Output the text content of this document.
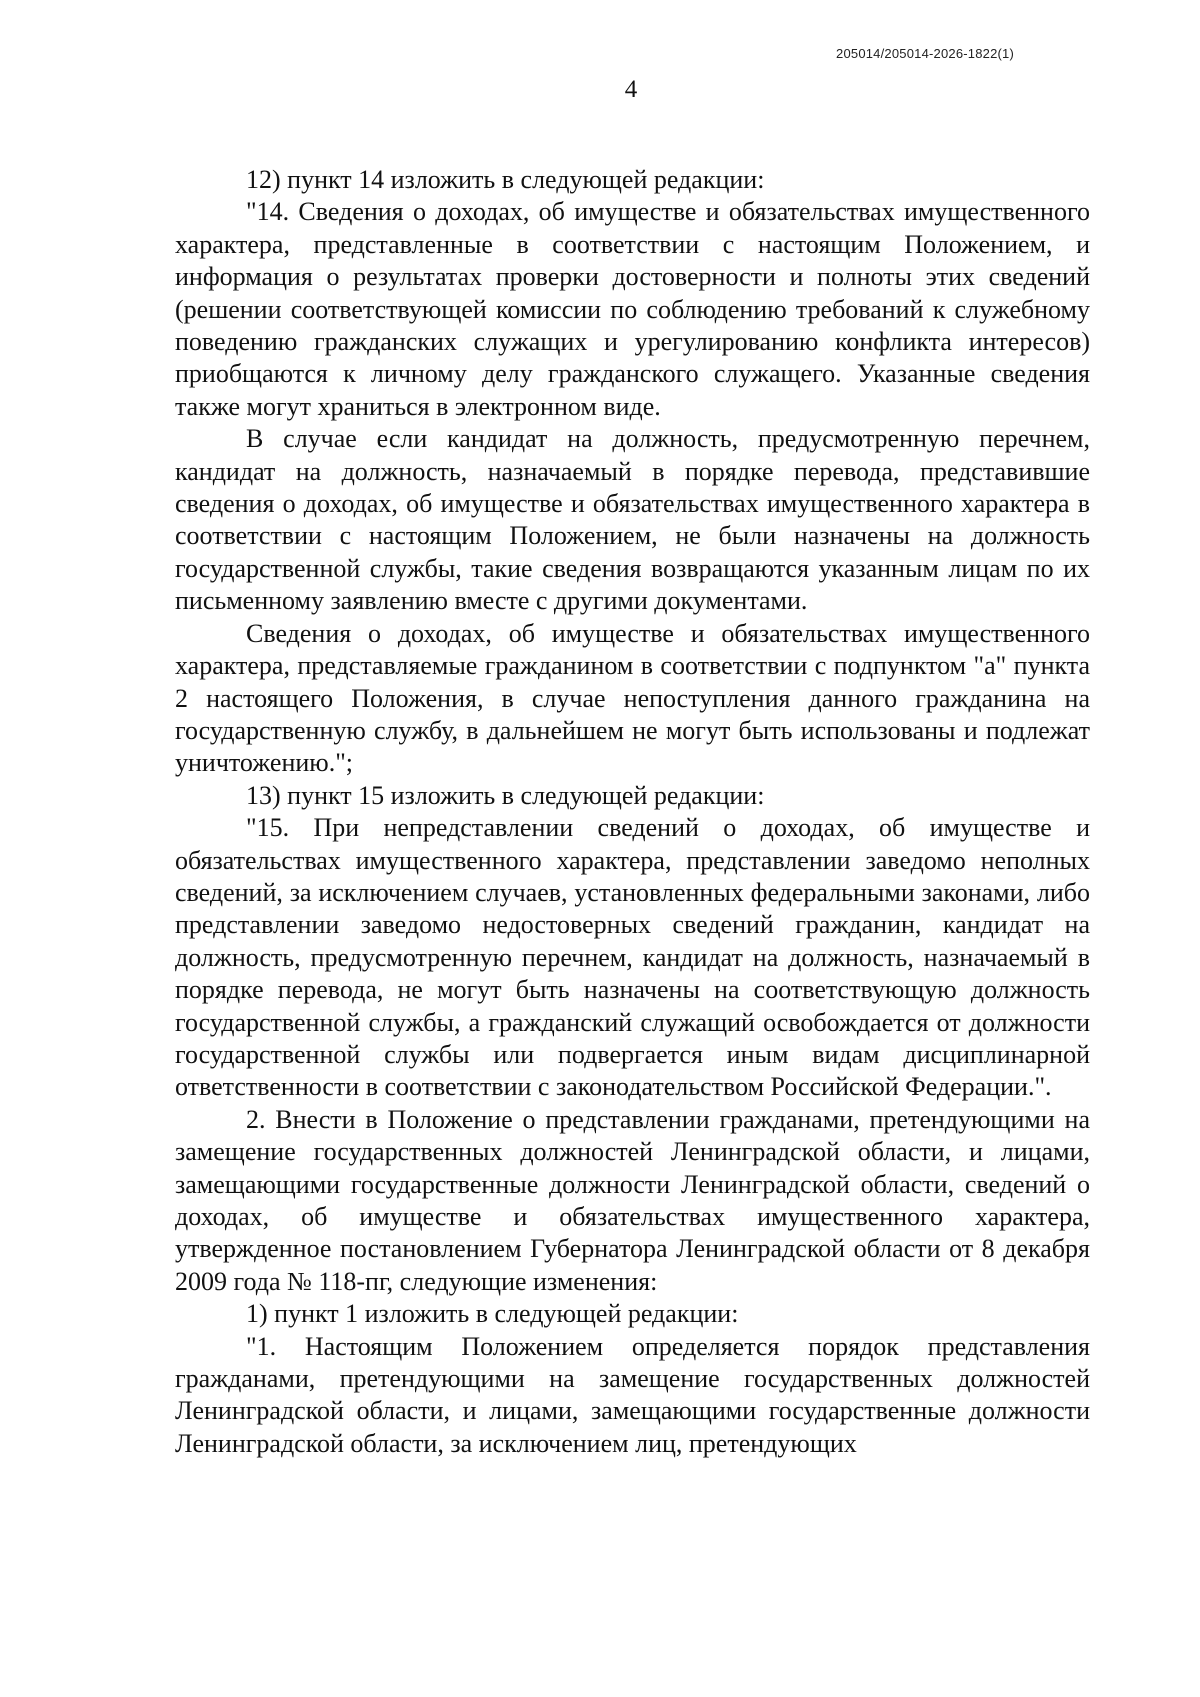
205014/205014-2026-1822(1)
4

12) пункт 14 изложить в следующей редакции:

"14. Сведения о доходах, об имуществе и обязательствах имущественного характера, представленные в соответствии с настоящим Положением, и информация о результатах проверки достоверности и полноты этих сведений (решении соответствующей комиссии по соблюдению требований к служебному поведению гражданских служащих и урегулированию конфликта интересов) приобщаются к личному делу гражданского служащего. Указанные сведения также могут храниться в электронном виде.

В случае если кандидат на должность, предусмотренную перечнем, кандидат на должность, назначаемый в порядке перевода, представившие сведения о доходах, об имуществе и обязательствах имущественного характера в соответствии с настоящим Положением, не были назначены на должность государственной службы, такие сведения возвращаются указанным лицам по их письменному заявлению вместе с другими документами.

Сведения о доходах, об имуществе и обязательствах имущественного характера, представляемые гражданином в соответствии с подпунктом "а" пункта 2 настоящего Положения, в случае непоступления данного гражданина на государственную службу, в дальнейшем не могут быть использованы и подлежат уничтожению.";

13) пункт 15 изложить в следующей редакции:

"15. При непредставлении сведений о доходах, об имуществе и обязательствах имущественного характера, представлении заведомо неполных сведений, за исключением случаев, установленных федеральными законами, либо представлении заведомо недостоверных сведений гражданин, кандидат на должность, предусмотренную перечнем, кандидат на должность, назначаемый в порядке перевода, не могут быть назначены на соответствующую должность государственной службы, а гражданский служащий освобождается от должности государственной службы или подвергается иным видам дисциплинарной ответственности в соответствии с законодательством Российской Федерации.".

2. Внести в Положение о представлении гражданами, претендующими на замещение государственных должностей Ленинградской области, и лицами, замещающими государственные должности Ленинградской области, сведений о доходах, об имуществе и обязательствах имущественного характера, утвержденное постановлением Губернатора Ленинградской области от 8 декабря 2009 года № 118-пг, следующие изменения:

1) пункт 1 изложить в следующей редакции:

"1. Настоящим Положением определяется порядок представления гражданами, претендующими на замещение государственных должностей Ленинградской области, и лицами, замещающими государственные должности Ленинградской области, за исключением лиц, претендующих
